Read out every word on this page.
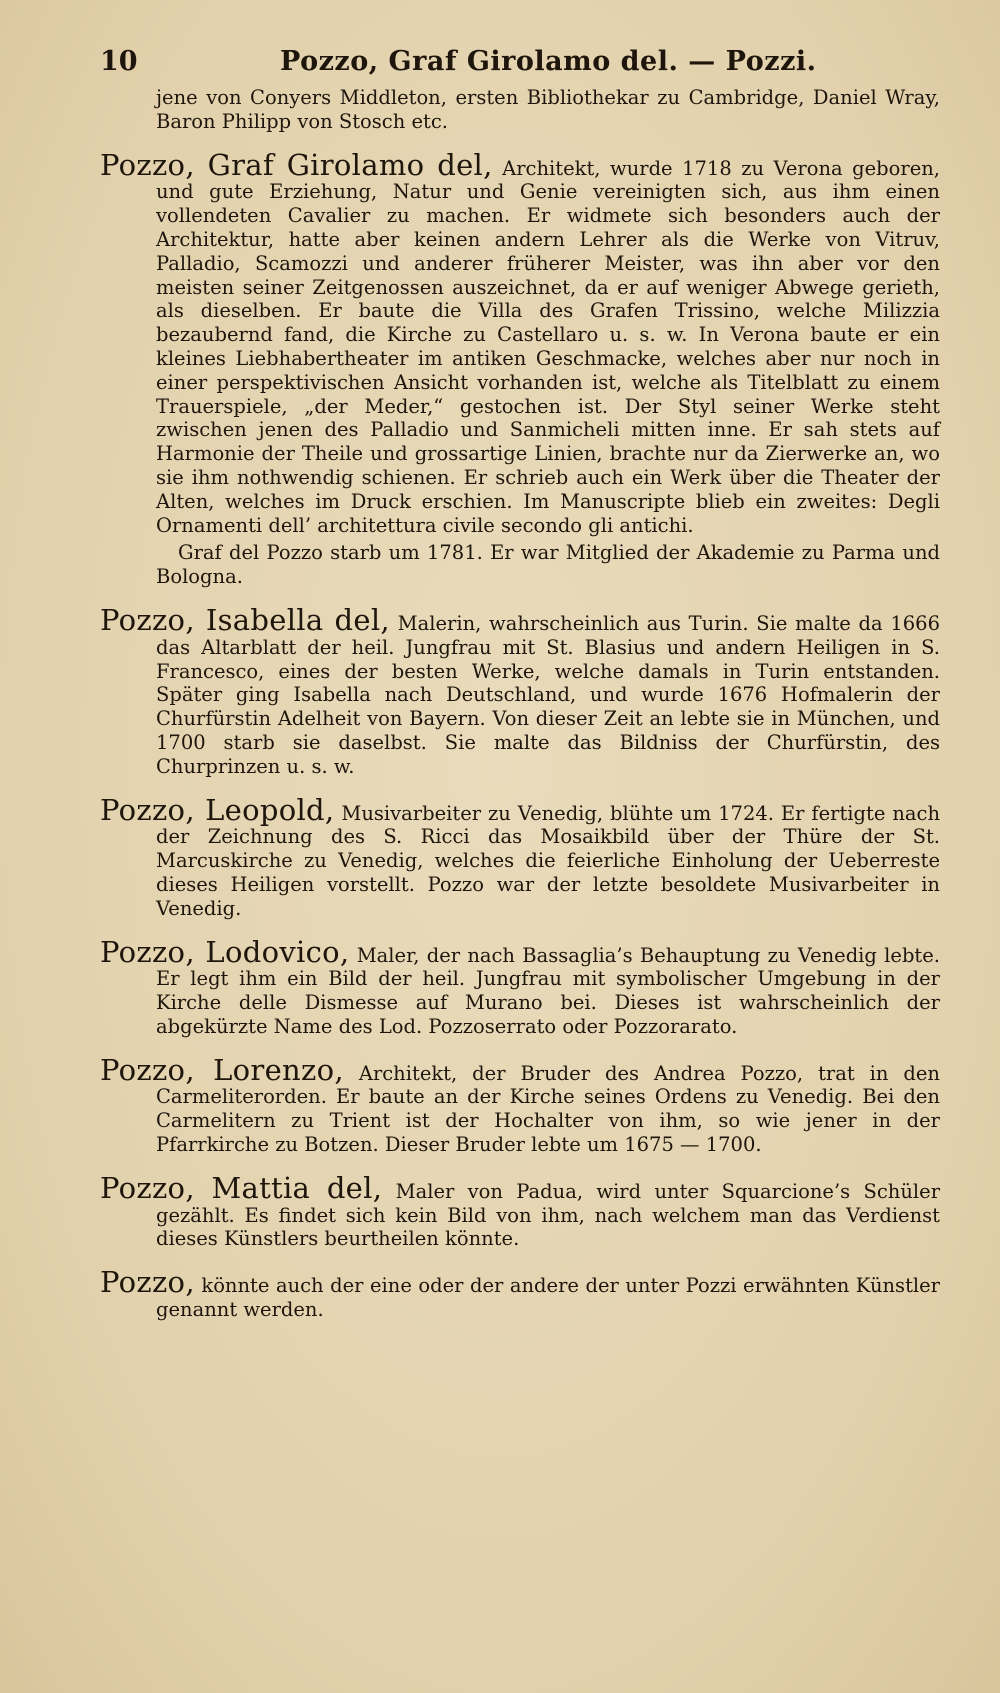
10	Pozzo, Graf Girolamo del. — Pozzi.

jene von Conyers Middleton, ersten Bibliothekar zu Cambridge, Daniel Wray, Baron Philipp von Stosch etc.

Pozzo, Graf Girolamo del, Architekt, wurde 1718 zu Verona geboren, und gute Erziehung, Natur und Genie vereinigten sich, aus ihm einen vollendeten Cavalier zu machen. Er widmete sich besonders auch der Architektur, hatte aber keinen andern Lehrer als die Werke von Vitruv, Palladio, Scamozzi und anderer früherer Meister, was ihn aber vor den meisten seiner Zeitgenossen auszeichnet, da er auf weniger Abwege gerieth, als dieselben. Er baute die Villa des Grafen Trissino, welche Milizzia bezaubernd fand, die Kirche zu Castellaro u. s. w. In Verona baute er ein kleines Liebhabertheater im antiken Geschmacke, welches aber nur noch in einer perspektivischen Ansicht vorhanden ist, welche als Titelblatt zu einem Trauerspiele, „der Meder,“ gestochen ist. Der Styl seiner Werke steht zwischen jenen des Palladio und Sanmicheli mitten inne. Er sah stets auf Harmonie der Theile und grossartige Linien, brachte nur da Zierwerke an, wo sie ihm nothwendig schienen. Er schrieb auch ein Werk über die Theater der Alten, welches im Druck erschien. Im Manuscripte blieb ein zweites: Degli Ornamenti dell’ architettura civile secondo gli antichi.

Graf del Pozzo starb um 1781. Er war Mitglied der Akademie zu Parma und Bologna.

Pozzo, Isabella del, Malerin, wahrscheinlich aus Turin. Sie malte da 1666 das Altarblatt der heil. Jungfrau mit St. Blasius und andern Heiligen in S. Francesco, eines der besten Werke, welche damals in Turin entstanden. Später ging Isabella nach Deutschland, und wurde 1676 Hofmalerin der Churfürstin Adelheit von Bayern. Von dieser Zeit an lebte sie in München, und 1700 starb sie daselbst. Sie malte das Bildniss der Churfürstin, des Churprinzen u. s. w.

Pozzo, Leopold, Musivarbeiter zu Venedig, blühte um 1724. Er fertigte nach der Zeichnung des S. Ricci das Mosaikbild über der Thüre der St. Marcuskirche zu Venedig, welches die feierliche Einholung der Ueberreste dieses Heiligen vorstellt. Pozzo war der letzte besoldete Musivarbeiter in Venedig.

Pozzo, Lodovico, Maler, der nach Bassaglia’s Behauptung zu Venedig lebte. Er legt ihm ein Bild der heil. Jungfrau mit symbolischer Umgebung in der Kirche delle Dismesse auf Murano bei. Dieses ist wahrscheinlich der abgekürzte Name des Lod. Pozzoserrato oder Pozzorarato.

Pozzo, Lorenzo, Architekt, der Bruder des Andrea Pozzo, trat in den Carmeliterorden. Er baute an der Kirche seines Ordens zu Venedig. Bei den Carmelitern zu Trient ist der Hochalter von ihm, so wie jener in der Pfarrkirche zu Botzen. Dieser Bruder lebte um 1675 — 1700.

Pozzo, Mattia del, Maler von Padua, wird unter Squarcione’s Schüler gezählt. Es findet sich kein Bild von ihm, nach welchem man das Verdienst dieses Künstlers beurtheilen könnte.

Pozzo, könnte auch der eine oder der andere der unter Pozzi erwähnten Künstler genannt werden.
